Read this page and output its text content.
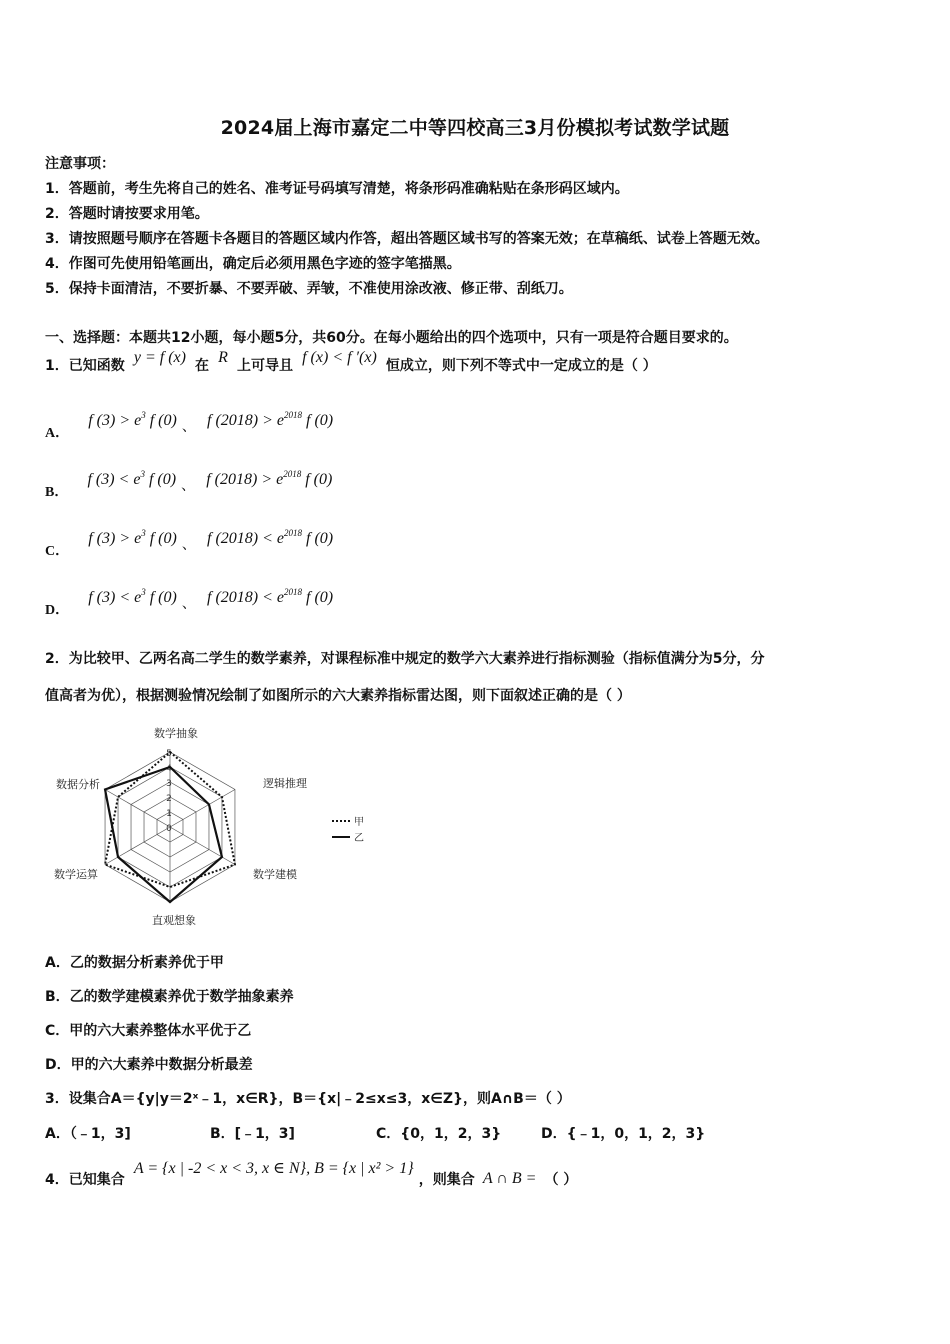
2024届上海市嘉定二中等四校高三3月份模拟考试数学试题
注意事项：
1．答题前，考生先将自己的姓名、准考证号码填写清楚，将条形码准确粘贴在条形码区域内。
2．答题时请按要求用笔。
3．请按照题号顺序在答题卡各题目的答题区域内作答，超出答题区域书写的答案无效；在草稿纸、试卷上答题无效。
4．作图可先使用铅笔画出，确定后必须用黑色字迹的签字笔描黑。
5．保持卡面清洁，不要折暴、不要弄破、弄皱，不准使用涂改液、修正带、刮纸刀。
一、选择题：本题共12小题，每小题5分，共60分。在每小题给出的四个选项中，只有一项是符合题目要求的。
1．已知函数 y = f (x) 在 R 上可导且 f (x) < f ′(x) 恒成立，则下列不等式中一定成立的是（ ）
A． f $(3) > e^3$ f (0) 、 f $(2018) > e^{2018}$ f (0)
B． f $(3) < e^3$ f (0) 、 f $(2018) > e^{2018}$ f (0)
C． f $(3) > e^3$ f (0) 、 f $(2018) < e^{2018}$ f (0)
D． f $(3) < e^3$ f (0) 、 f $(2018) < e^{2018}$ f (0)
2．为比较甲、乙两名高二学生的数学素养，对课程标准中规定的数学六大素养进行指标测验（指标值满分为5分，分
值高者为优），根据测验情况绘制了如图所示的六大素养指标雷达图，则下面叙述正确的是（ ）
0
1
2
3
4
5
数学抽象
逻辑推理
数学建模
直观想象
数学运算
数据分析
甲
乙
A．乙的数据分析素养优于甲
B．乙的数学建模素养优于数学抽象素养
C．甲的六大素养整体水平优于乙
D．甲的六大素养中数据分析最差
3．设集合A＝{y|y＝2ˣ﹣1，x∈R}，B＝{x|﹣2≤x≤3，x∈Z}，则A∩B＝（ ）
A．（﹣1，3]	B．[﹣1，3]	C．{0，1，2，3}	D．{﹣1，0，1，2，3}
4．已知集合 A = {x | -2 < x < 3, x ∈ N}, B = {x | x² > 1} ，则集合 A ∩ B = （ ）
